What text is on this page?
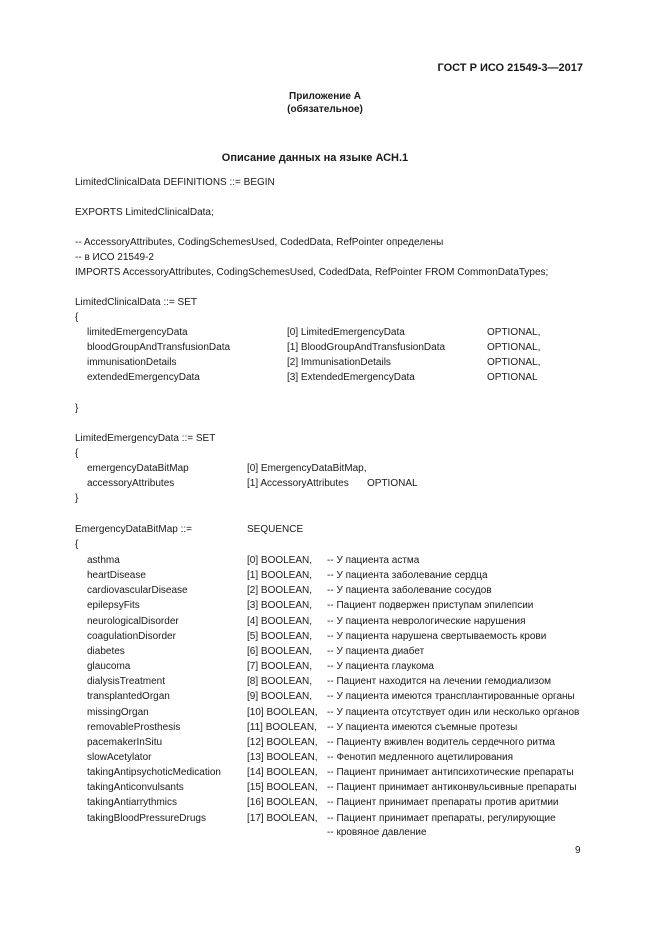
ГОСТ Р ИСО 21549-3—2017
Приложение А
(обязательное)
Описание данных на языке АСН.1
LimitedClinicalData DEFINITIONS ::= BEGIN
EXPORTS LimitedClinicalData;
-- AccessoryAttributes, CodingSchemesUsed, CodedData, RefPointer определены
-- в ИСО 21549-2
IMPORTS AccessoryAttributes, CodingSchemesUsed, CodedData, RefPointer FROM CommonDataTypes;
LimitedClinicalData ::= SET
{
limitedEmergencyData	[0] LimitedEmergencyData	OPTIONAL,
bloodGroupAndTransfusionData	[1] BloodGroupAndTransfusionData	OPTIONAL,
immunisationDetails	[2] ImmunisationDetails	OPTIONAL,
extendedEmergencyData	[3] ExtendedEmergencyData	OPTIONAL
}
LimitedEmergencyData ::= SET
{
emergencyDataBitMap	[0] EmergencyDataBitMap,
accessoryAttributes	[1] AccessoryAttributes OPTIONAL
}
EmergencyDataBitMap ::=	SEQUENCE
{
asthma	[0] BOOLEAN, -- У пациента астма
heartDisease	[1] BOOLEAN, -- У пациента заболевание сердца
cardiovascularDisease	[2] BOOLEAN, -- У пациента заболевание сосудов
epilepsyFits	[3] BOOLEAN, -- Пациент подвержен приступам эпилепсии
neurologicalDisorder	[4] BOOLEAN, -- У пациента неврологические нарушения
coagulationDisorder	[5] BOOLEAN, -- У пациента нарушена свертываемость крови
diabetes	[6] BOOLEAN, -- У пациента диабет
glaucoma	[7] BOOLEAN, -- У пациента глаукома
dialysisTreatment	[8] BOOLEAN, -- Пациент находится на лечении гемодиализом
transplantedOrgan	[9] BOOLEAN, -- У пациента имеются трансплантированные органы
missingOrgan	[10] BOOLEAN, -- У пациента отсутствует один или несколько органов
removableProsthesis	[11] BOOLEAN, -- У пациента имеются съемные протезы
pacemakerInSitu	[12] BOOLEAN, -- Пациенту вживлен водитель сердечного ритма
slowAcetylator	[13] BOOLEAN, -- Фенотип медленного ацетилирования
takingAntipsychoticMedication	[14] BOOLEAN, -- Пациент принимает антипсихотические препараты
takingAnticonvulsants	[15] BOOLEAN, -- Пациент принимает антиконвульсивные препараты
takingAntiarrythmics	[16] BOOLEAN, -- Пациент принимает препараты против аритмии
takingBloodPressureDrugs	[17] BOOLEAN, -- Пациент принимает препараты, регулирующие
-- кровяное давление
9
